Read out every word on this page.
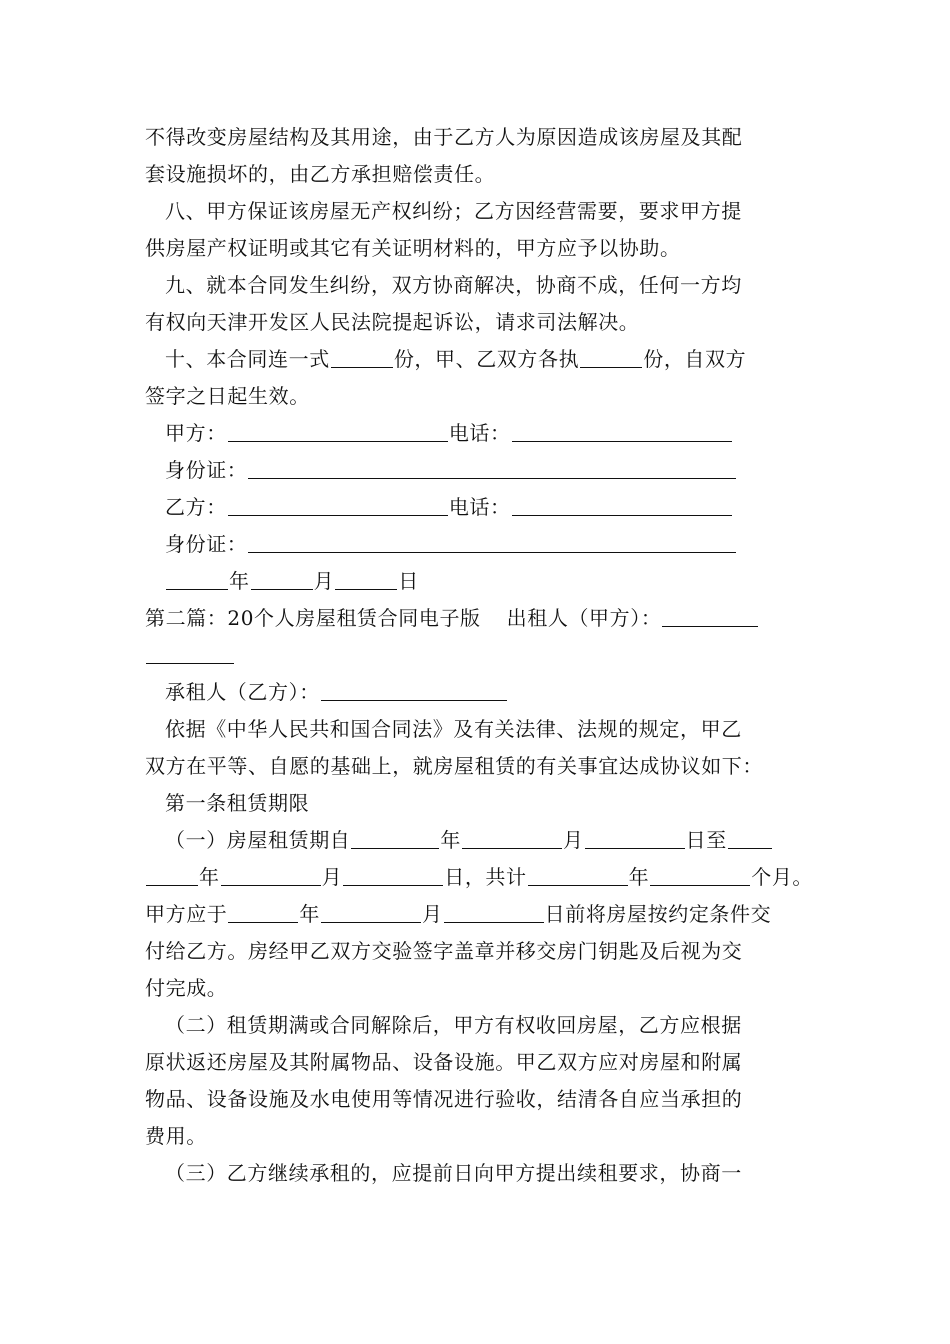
不得改变房屋结构及其用途，由于乙方人为原因造成该房屋及其配
套设施损坏的，由乙方承担赔偿责任。
八、甲方保证该房屋无产权纠纷；乙方因经营需要，要求甲方提
供房屋产权证明或其它有关证明材料的，甲方应予以协助。
九、就本合同发生纠纷，双方协商解决，协商不成，任何一方均
有权向天津开发区人民法院提起诉讼，请求司法解决。
十、本合同连一式	份，甲、乙双方各执	份，自双方
签字之日起生效。
甲方：	电话：
身份证：
乙方：	电话：
身份证：
年	月	日
第二篇：20个人房屋租赁合同电子版 出租人（甲方）：
承租人（乙方）：
依据《中华人民共和国合同法》及有关法律、法规的规定，甲乙
双方在平等、自愿的基础上，就房屋租赁的有关事宜达成协议如下：
第一条租赁期限
（一）房屋租赁期自	年	月	日至
年	月	日，共计	年	个月。
甲方应于	年	月	日前将房屋按约定条件交
付给乙方。房经甲乙双方交验签字盖章并移交房门钥匙及后视为交
付完成。
（二）租赁期满或合同解除后，甲方有权收回房屋，乙方应根据
原状返还房屋及其附属物品、设备设施。甲乙双方应对房屋和附属
物品、设备设施及水电使用等情况进行验收，结清各自应当承担的
费用。
（三）乙方继续承租的，应提前日向甲方提出续租要求，协商一
